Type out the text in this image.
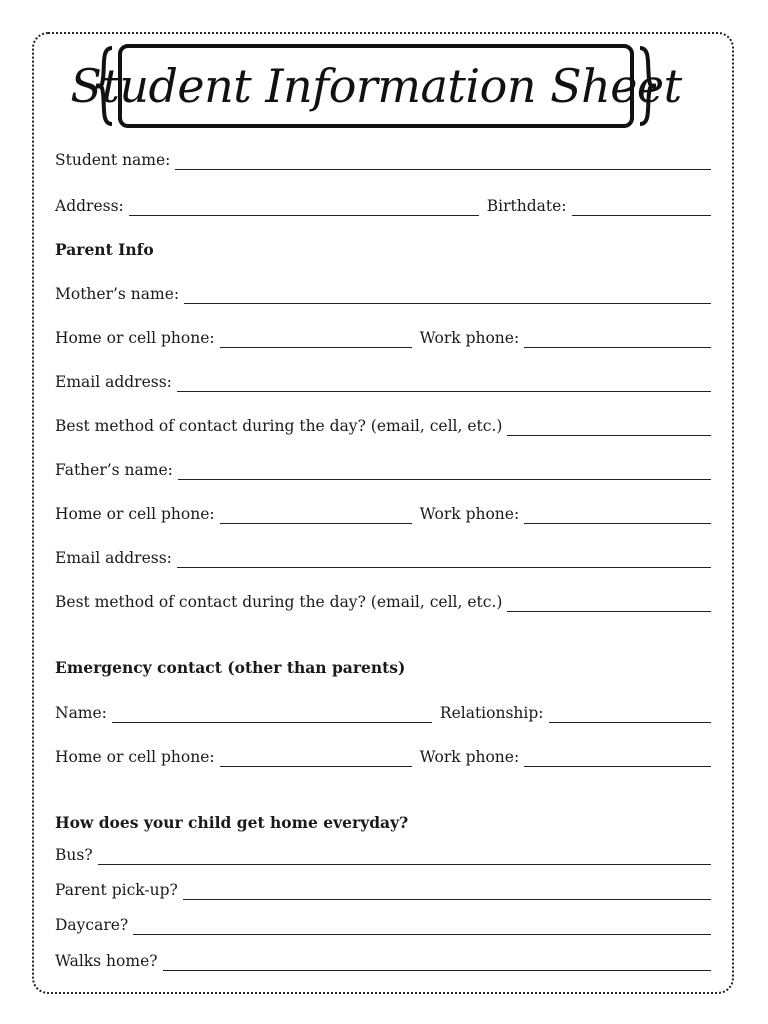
Student Information Sheet
Student name:
Address:	Birthdate:
Parent Info
Mother’s name:
Home or cell phone:	Work phone:
Email address:
Best method of contact during the day? (email, cell, etc.)
Father’s name:
Home or cell phone:	Work phone:
Email address:
Best method of contact during the day? (email, cell, etc.)
Emergency contact (other than parents)
Name:	Relationship:
Home or cell phone:	Work phone:
How does your child get home everyday?
Bus?
Parent pick-up?
Daycare?
Walks home?
